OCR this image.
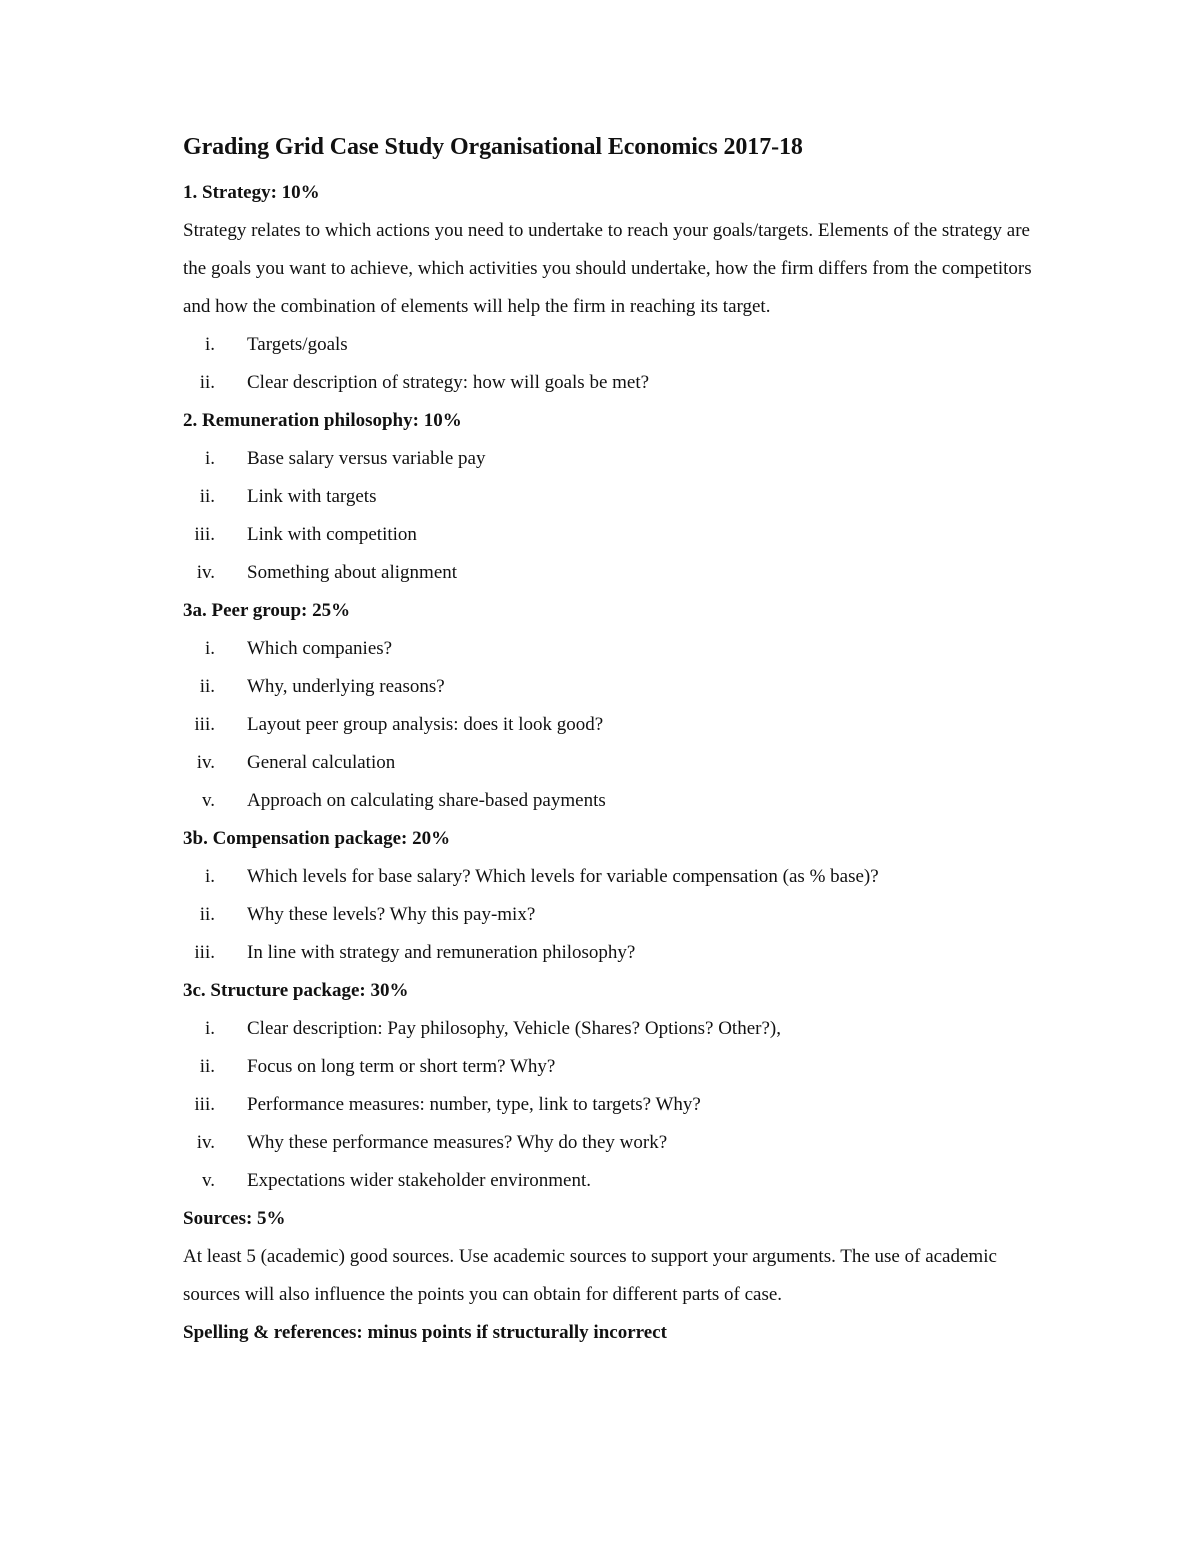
Grading Grid Case Study Organisational Economics 2017-18

1. Strategy: 10%

Strategy relates to which actions you need to undertake to reach your goals/targets. Elements of the strategy are the goals you want to achieve, which activities you should undertake, how the firm differs from the competitors and how the combination of elements will help the firm in reaching its target.

i. Targets/goals
ii. Clear description of strategy: how will goals be met?

2. Remuneration philosophy: 10%

i. Base salary versus variable pay
ii. Link with targets
iii. Link with competition
iv. Something about alignment

3a. Peer group: 25%

i. Which companies?
ii. Why, underlying reasons?
iii. Layout peer group analysis: does it look good?
iv. General calculation
v. Approach on calculating share-based payments

3b. Compensation package: 20%

i. Which levels for base salary? Which levels for variable compensation (as % base)?
ii. Why these levels? Why this pay-mix?
iii. In line with strategy and remuneration philosophy?

3c. Structure package: 30%

i. Clear description: Pay philosophy, Vehicle (Shares? Options? Other?),
ii. Focus on long term or short term? Why?
iii. Performance measures: number, type, link to targets? Why?
iv. Why these performance measures? Why do they work?
v. Expectations wider stakeholder environment.

Sources: 5%

At least 5 (academic) good sources. Use academic sources to support your arguments. The use of academic sources will also influence the points you can obtain for different parts of case.

Spelling & references: minus points if structurally incorrect
